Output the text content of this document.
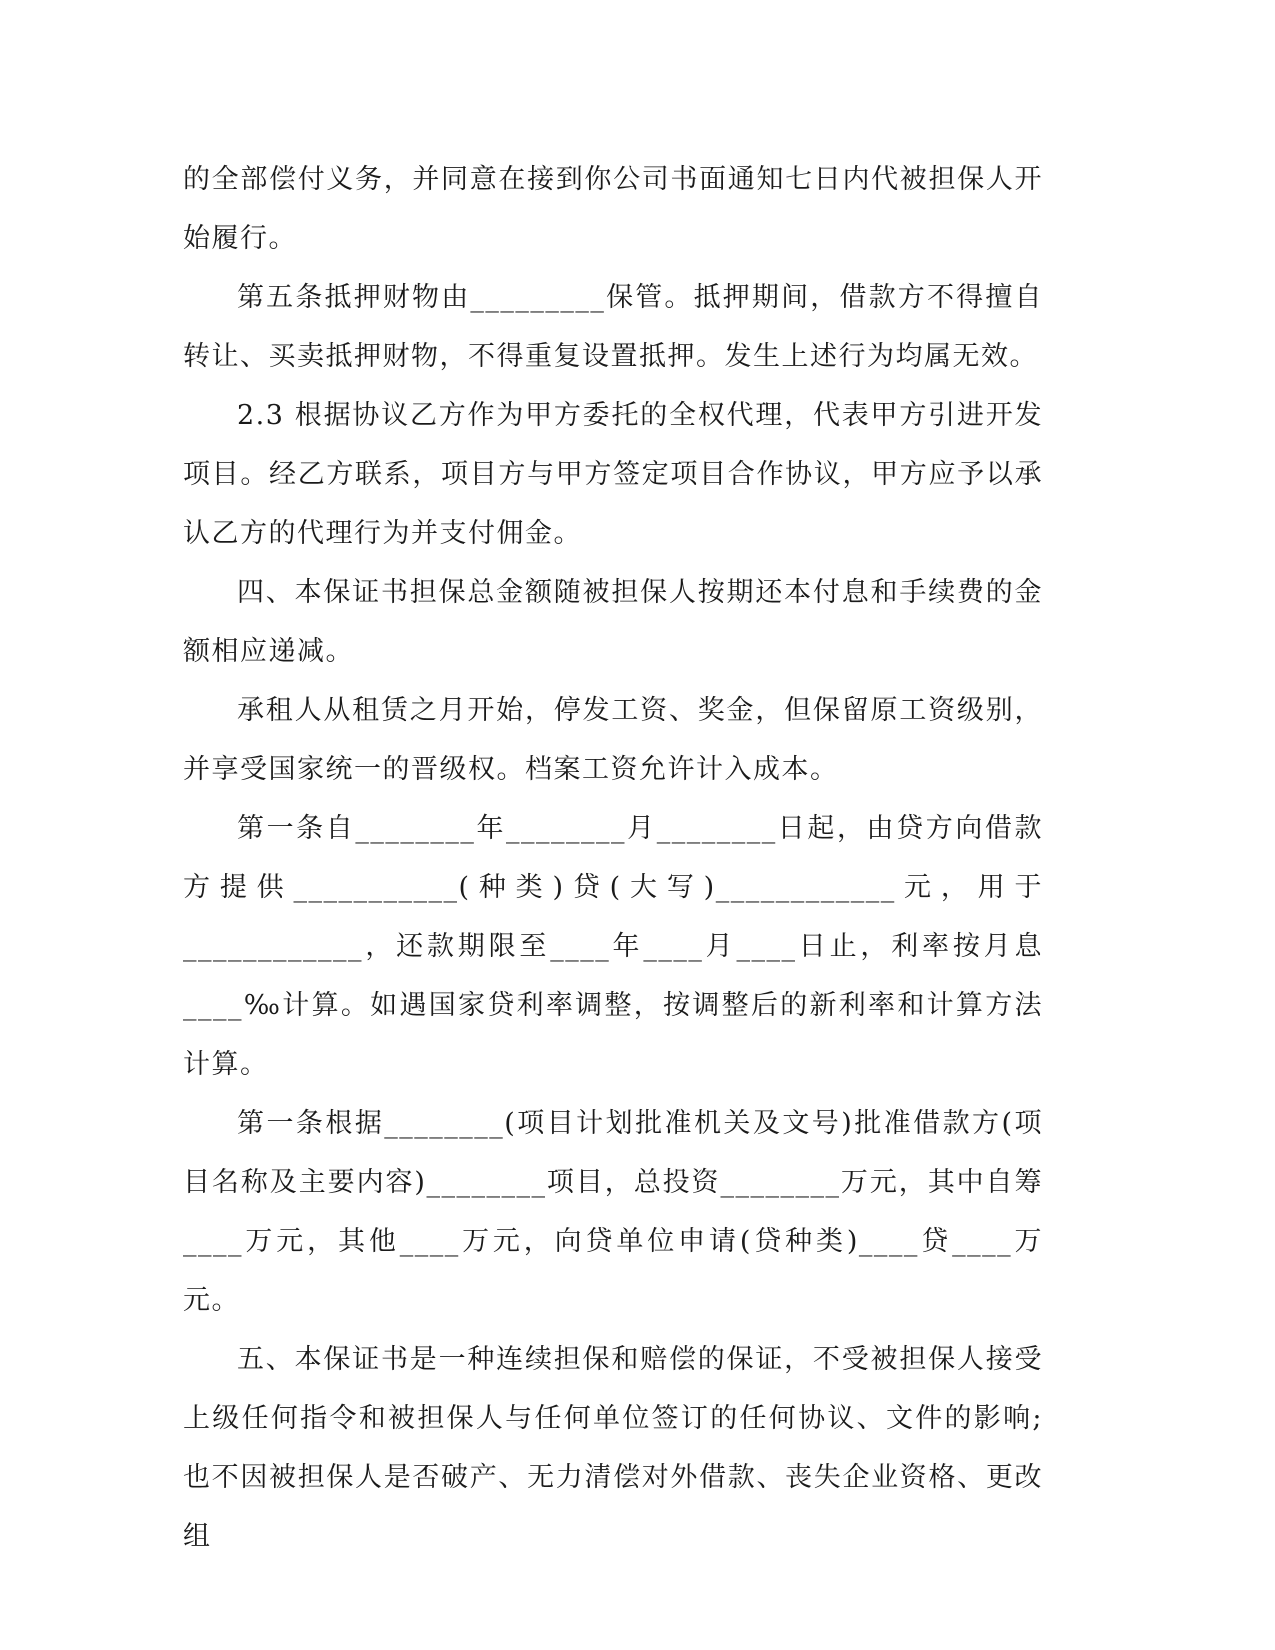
的全部偿付义务，并同意在接到你公司书面通知七日内代被担保人开始履行。

第五条抵押财物由_________保管。抵押期间，借款方不得擅自转让、买卖抵押财物，不得重复设置抵押。发生上述行为均属无效。

2.3 根据协议乙方作为甲方委托的全权代理，代表甲方引进开发项目。经乙方联系，项目方与甲方签定项目合作协议，甲方应予以承认乙方的代理行为并支付佣金。

四、本保证书担保总金额随被担保人按期还本付息和手续费的金额相应递减。

承租人从租赁之月开始，停发工资、奖金，但保留原工资级别，并享受国家统一的晋级权。档案工资允许计入成本。

第一条自________年________月________日起，由贷方向借款方提供___________(种类)贷(大写)____________元，用于____________，还款期限至____年____月____日止，利率按月息____‰计算。如遇国家贷利率调整，按调整后的新利率和计算方法计算。

第一条根据________(项目计划批准机关及文号)批准借款方(项目名称及主要内容)________项目，总投资________万元，其中自筹____万元，其他____万元，向贷单位申请(贷种类)____贷____万元。

五、本保证书是一种连续担保和赔偿的保证，不受被担保人接受上级任何指令和被担保人与任何单位签订的任何协议、文件的影响;也不因被担保人是否破产、无力清偿对外借款、丧失企业资格、更改组
